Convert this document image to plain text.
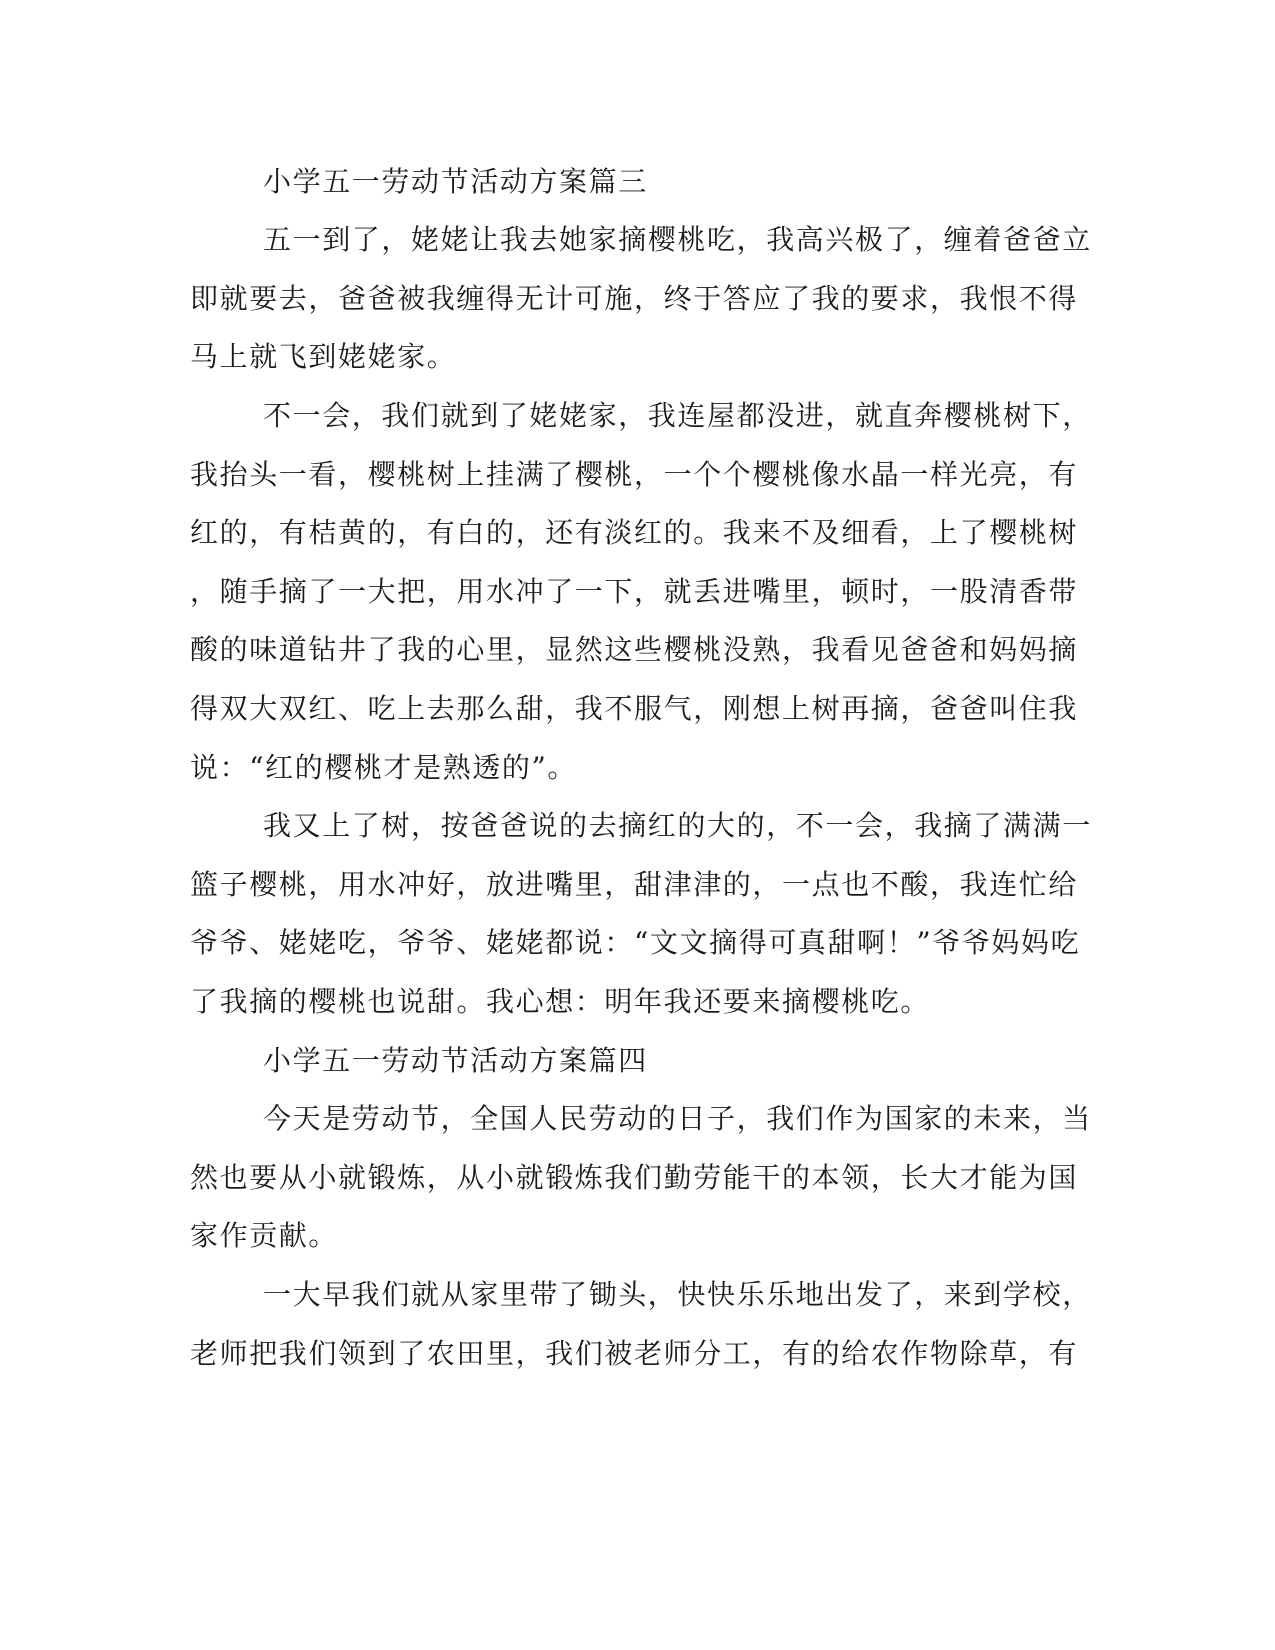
小学五一劳动节活动方案篇三
五一到了，姥姥让我去她家摘樱桃吃，我高兴极了，缠着爸爸立
即就要去，爸爸被我缠得无计可施，终于答应了我的要求，我恨不得
马上就飞到姥姥家。
不一会，我们就到了姥姥家，我连屋都没进，就直奔樱桃树下，
我抬头一看，樱桃树上挂满了樱桃，一个个樱桃像水晶一样光亮，有
红的，有桔黄的，有白的，还有淡红的。我来不及细看，上了樱桃树
，随手摘了一大把，用水冲了一下，就丢进嘴里，顿时，一股清香带
酸的味道钻井了我的心里，显然这些樱桃没熟，我看见爸爸和妈妈摘
得双大双红、吃上去那么甜，我不服气，刚想上树再摘，爸爸叫住我
说：“红的樱桃才是熟透的”。
我又上了树，按爸爸说的去摘红的大的，不一会，我摘了满满一
篮子樱桃，用水冲好，放进嘴里，甜津津的，一点也不酸，我连忙给
爷爷、姥姥吃，爷爷、姥姥都说：“文文摘得可真甜啊！”爷爷妈妈吃
了我摘的樱桃也说甜。我心想：明年我还要来摘樱桃吃。
小学五一劳动节活动方案篇四
今天是劳动节，全国人民劳动的日子，我们作为国家的未来，当
然也要从小就锻炼，从小就锻炼我们勤劳能干的本领，长大才能为国
家作贡献。
一大早我们就从家里带了锄头，快快乐乐地出发了，来到学校，
老师把我们领到了农田里，我们被老师分工，有的给农作物除草，有
